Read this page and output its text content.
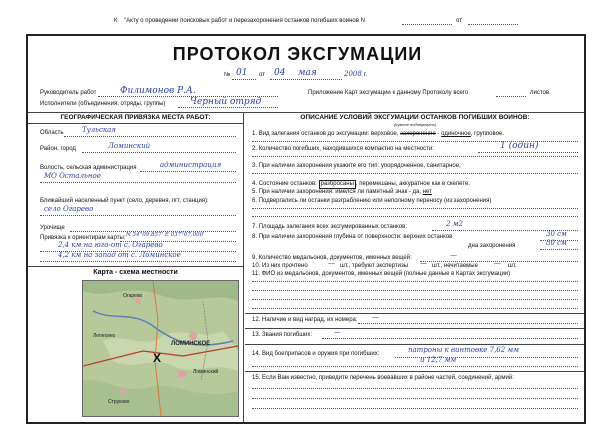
К "Акту о проведении поисковых работ и перезахоронения останков погибших воинов N	от
ПРОТОКОЛ ЭКСГУМАЦИИ
№ 01 от 04 мая	2008 г.
Руководитель работ	Филимонов Р.А.
Исполнители (объединения, отряды, группы)	Черный отряд
Приложение Карт эксгумации к данному Протоколу всего	листов.
ГЕОГРАФИЧЕСКАЯ ПРИВЯЗКА МЕСТА РАБОТ:
Область	Тульская
Район, город	Ломинский
Волость, сельская администрация	администрация
МО Остальное
Ближайший населенный пункт (село, деревня, пгт, станция):
село Огарево
Урочище
Привязка к ориентирам карты: N 54°09.857' E 037°07.006'
2,4 км на юго-от с. Огарево
4,2 км на запад от с. Ломинское
Карта - схема местности
Огарево
ЛОМИНСКОЕ
Лепехино
Ломинский
Струково
X
ОПИСАНИЕ УСЛОВИЙ ЭКСГУМАЦИИ ОСТАНКОВ ПОГИБШИХ ВОИНОВ:
(нужное подчеркнуть)
1. Вид залегания останков до эксгумации: верховое, захоронение - одиночное, групповое.
2. Количество погибших, находившихся компактно на местности:	1 (один)
3. При наличии захоронения укажите его тип: упорядоченное, санитарное,
4. Состояние останков: разбросаны , перемешаны, аккуратное как в скелете.
5. При наличии захоронения: имелся ли памятный знак - да, нет
6. Подвергались ли останки разграблению или неполному переносу (из захоронения)
7. Площадь залегания всех эксгумированных останков:	2 м2
8. При наличии захоронения глубина от поверхности: верхних останков	30 см
дна захоронения	80 см
9. Количество медальонов, документов, именных вещей:	—
10. Из них прочтено	— шт., требуют экспертизы — шт., нечитаемые — шт.
11. ФИО из медальонов, документов, именных вещей (полные данные в Картах эксгумации)
12. Наличие и вид наград, их номера: —
13. Звания погибших:	—
14. Вид боеприпасов и оружия при погибших:	патроны к винтовке 7,62 мм
и 12,7 мм
15. Если Вам известно, приведите перечень воевавших в районе частей, соединений, армий:
